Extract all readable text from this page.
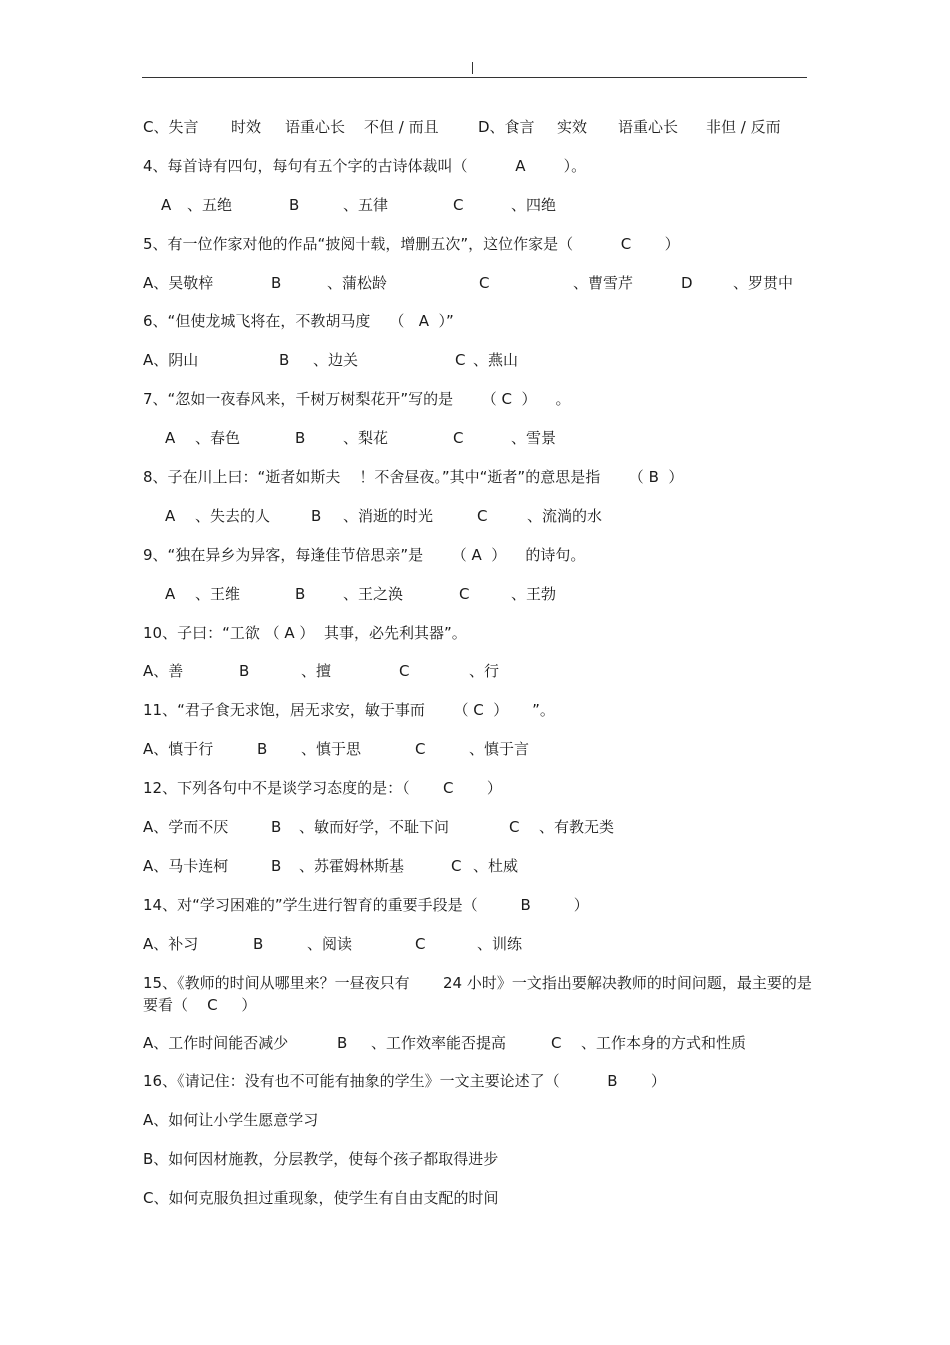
C、失言 时效 语重心长 不但 / 而且	D、食言 实效 语重心长 非但 / 反而
4、每首诗有四句，每句有五个字的古诗体裁叫（          A        ）。
A 、五绝	B	、五律	C	、四绝
5、有一位作家对他的作品“披阅十载，增删五次”，这位作家是（          C       ）
A、吴敬梓	B	、蒲松龄	C	、曹雪芹	D	、罗贯中
6、“但使龙城飞将在，不教胡马度    （   A  ）”
A、阴山	B 、边关	C 、燕山
7、“忽如一夜春风来，千树万树梨花开”写的是      （ C  ）    。
A 、春色	B	、梨花	C	、雪景
8、子在川上曰：“逝者如斯夫    ！不舍昼夜。”其中“逝者”的意思是指      （ B  ）
A 、失去的人	B 、消逝的时光	C	、流淌的水
9、“独在异乡为异客，每逢佳节倍思亲”是      （ A  ）    的诗句。
A 、王维	B	、王之涣	C	、王勃
10、子曰：“工欲 （ A ）  其事，必先利其器”。
A、善	B	、擅	C	、行
11、“君子食无求饱，居无求安，敏于事而      （ C  ）     ”。
A、慎于行	B 、慎于思	C	、慎于言
12、下列各句中不是谈学习态度的是：（       C       ）
A、学而不厌	B 、敏而好学，不耻下问	C 、有教无类
A、马卡连柯	B 、苏霍姆林斯基	C 、杜威
14、对“学习困难的”学生进行智育的重要手段是（         B         ）
A、补习	B	、阅读	C	、训练
15、《教师的时间从哪里来？一昼夜只有       24 小时》一文指出要解决教师的时间问题，最主要的是要看（    C     ）
A、工作时间能否减少	B 、工作效率能否提高	C 、工作本身的方式和性质
16、《请记住：没有也不可能有抽象的学生》一文主要论述了（          B       ）
A、如何让小学生愿意学习
B、如何因材施教，分层教学，使每个孩子都取得进步
C、如何克服负担过重现象，使学生有自由支配的时间
